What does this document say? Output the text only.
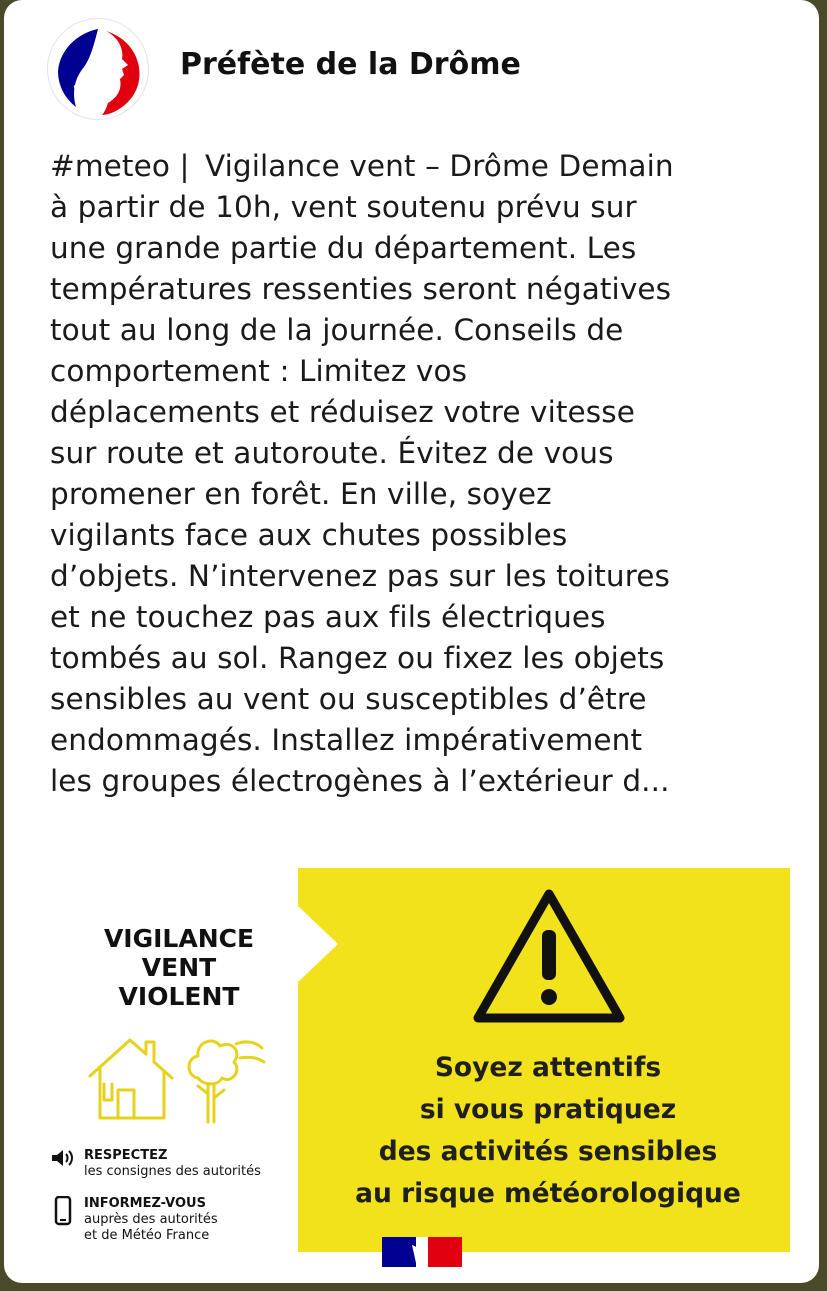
Préfète de la Drôme
#meteo |  Vigilance vent – Drôme Demain
à partir de 10h, vent soutenu prévu sur
une grande partie du département. Les
températures ressenties seront négatives
tout au long de la journée. Conseils de
comportement : Limitez vos
déplacements et réduisez votre vitesse
sur route et autoroute. Évitez de vous
promener en forêt. En ville, soyez
vigilants face aux chutes possibles
d’objets. N’intervenez pas sur les toitures
et ne touchez pas aux fils électriques
tombés au sol. Rangez ou fixez les objets
sensibles au vent ou susceptibles d’être
endommagés. Installez impérativement
les groupes électrogènes à l’extérieur d...
VIGILANCE
VENT
VIOLENT
RESPECTEZ
les consignes des autorités
INFORMEZ-VOUS
auprès des autorités
et de Météo France
Soyez attentifs
si vous pratiquez
des activités sensibles
au risque météorologique
